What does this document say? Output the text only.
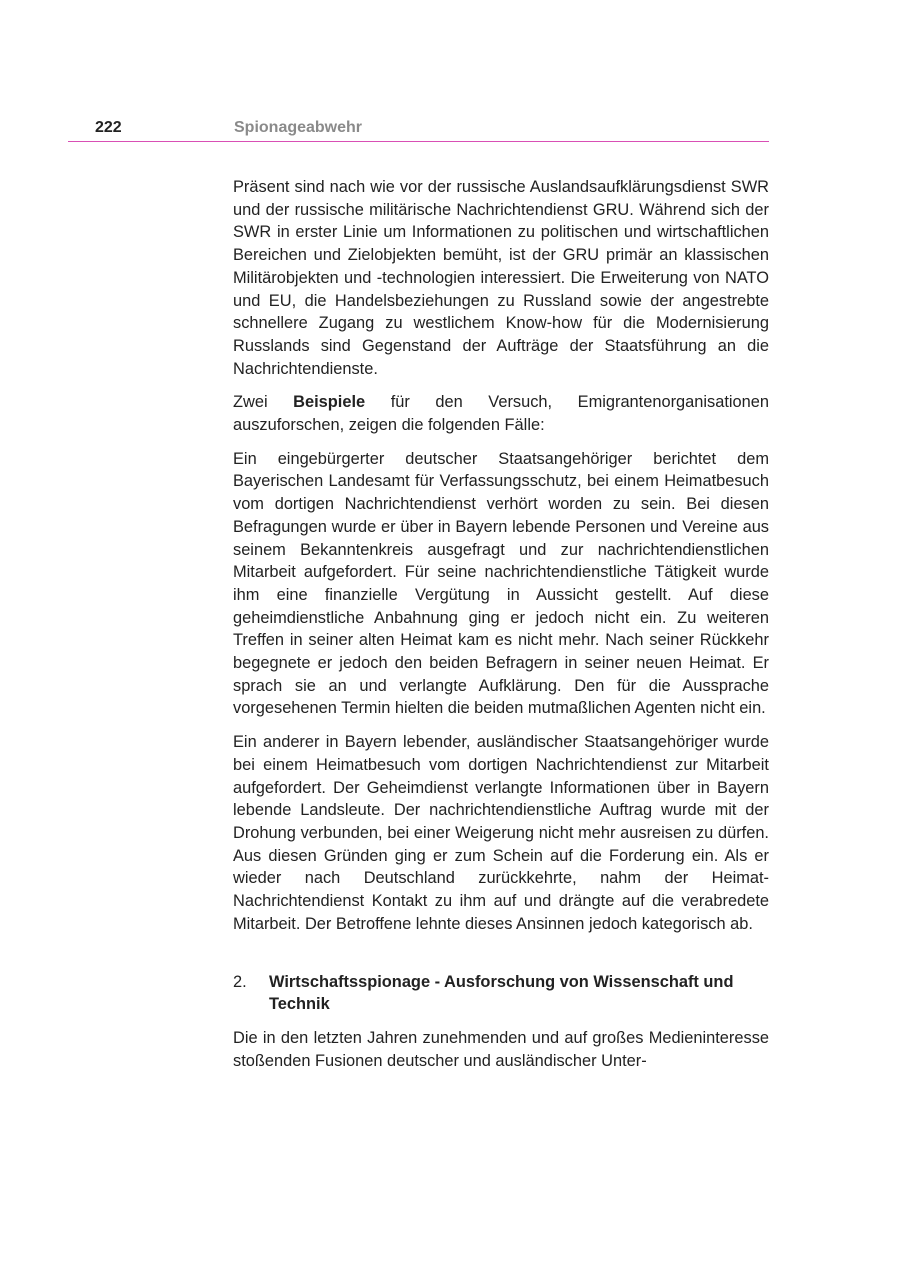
222	Spionageabwehr

Präsent sind nach wie vor der russische Auslandsaufklärungsdienst SWR und der russische militärische Nachrichtendienst GRU. Während sich der SWR in erster Linie um Informationen zu politischen und wirtschaftlichen Bereichen und Zielobjekten bemüht, ist der GRU primär an klassischen Militärobjekten und -technologien interessiert. Die Erweiterung von NATO und EU, die Handelsbeziehungen zu Russland sowie der angestrebte schnellere Zugang zu westlichem Know-how für die Modernisierung Russlands sind Gegenstand der Aufträge der Staatsführung an die Nachrichtendienste.

Zwei Beispiele für den Versuch, Emigrantenorganisationen auszuforschen, zeigen die folgenden Fälle:

Ein eingebürgerter deutscher Staatsangehöriger berichtet dem Bayerischen Landesamt für Verfassungsschutz, bei einem Heimatbesuch vom dortigen Nachrichtendienst verhört worden zu sein. Bei diesen Befragungen wurde er über in Bayern lebende Personen und Vereine aus seinem Bekanntenkreis ausgefragt und zur nachrichtendienstlichen Mitarbeit aufgefordert. Für seine nachrichtendienstliche Tätigkeit wurde ihm eine finanzielle Vergütung in Aussicht gestellt. Auf diese geheimdienstliche Anbahnung ging er jedoch nicht ein. Zu weiteren Treffen in seiner alten Heimat kam es nicht mehr. Nach seiner Rückkehr begegnete er jedoch den beiden Befragern in seiner neuen Heimat. Er sprach sie an und verlangte Aufklärung. Den für die Aussprache vorgesehenen Termin hielten die beiden mutmaßlichen Agenten nicht ein.

Ein anderer in Bayern lebender, ausländischer Staatsangehöriger wurde bei einem Heimatbesuch vom dortigen Nachrichtendienst zur Mitarbeit aufgefordert. Der Geheimdienst verlangte Informationen über in Bayern lebende Landsleute. Der nachrichtendienstliche Auftrag wurde mit der Drohung verbunden, bei einer Weigerung nicht mehr ausreisen zu dürfen. Aus diesen Gründen ging er zum Schein auf die Forderung ein. Als er wieder nach Deutschland zurückkehrte, nahm der Heimat-Nachrichtendienst Kontakt zu ihm auf und drängte auf die verabredete Mitarbeit. Der Betroffene lehnte dieses Ansinnen jedoch kategorisch ab.

2.	Wirtschaftsspionage - Ausforschung von Wissenschaft und Technik

Die in den letzten Jahren zunehmenden und auf großes Medieninteresse stoßenden Fusionen deutscher und ausländischer Unter-
